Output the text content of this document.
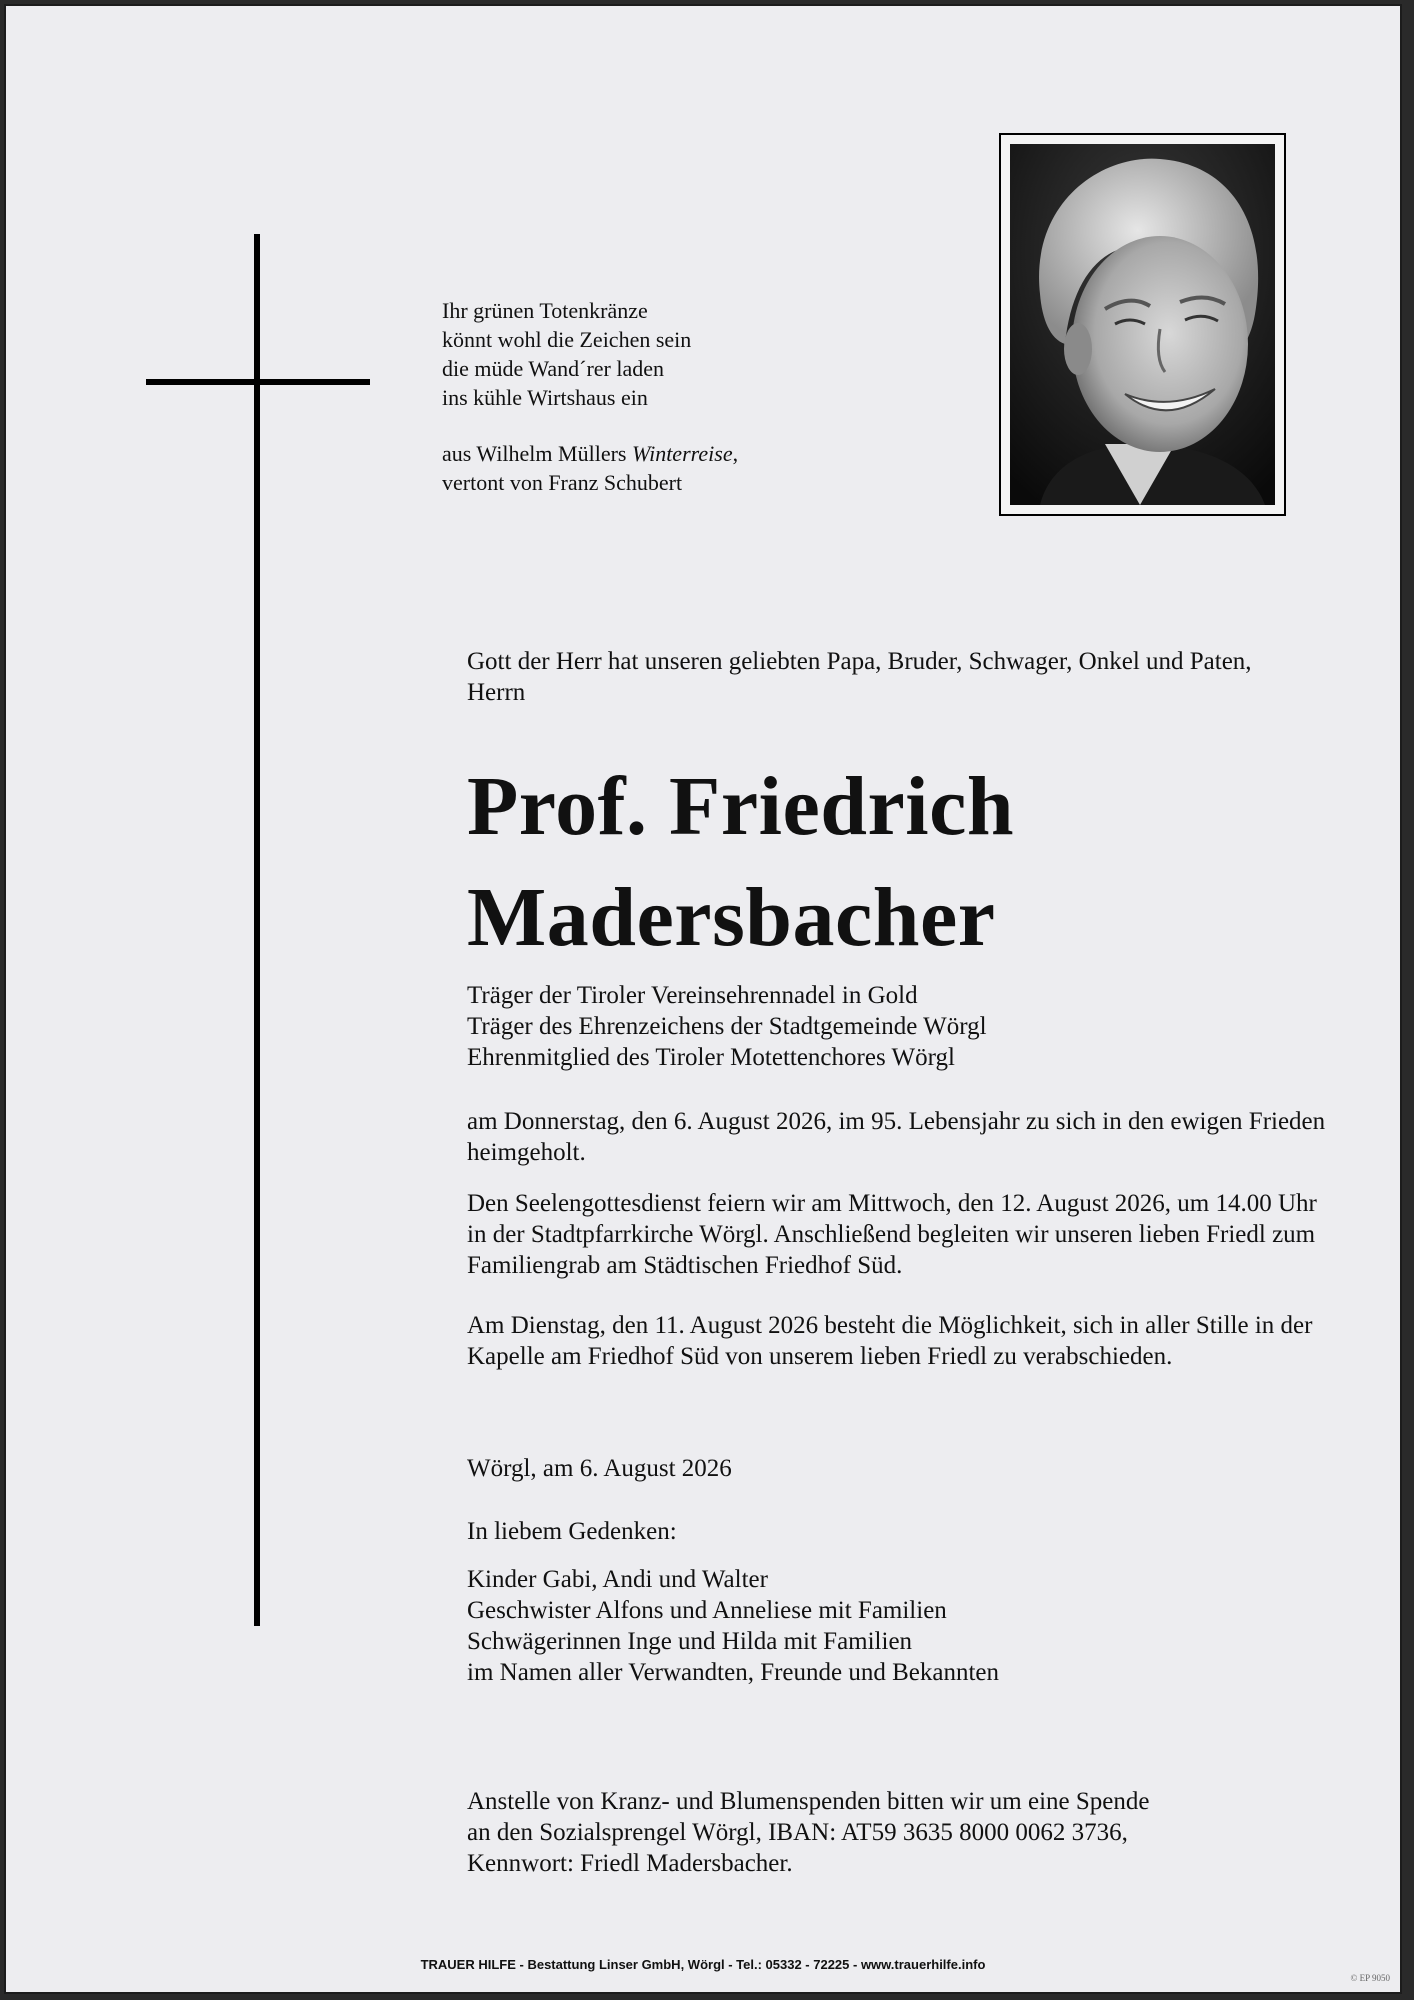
Ihr grünen Totenkränze
könnt wohl die Zeichen sein
die müde Wand´rer laden
ins kühle Wirtshaus ein
aus Wilhelm Müllers Winterreise,
vertont von Franz Schubert
Gott der Herr hat unseren geliebten Papa, Bruder, Schwager, Onkel und Paten, Herrn
Prof. Friedrich
Madersbacher
Träger der Tiroler Vereinsehrennadel in Gold
Träger des Ehrenzeichens der Stadtgemeinde Wörgl
Ehrenmitglied des Tiroler Motettenchores Wörgl
am Donnerstag, den 6. August 2026, im 95. Lebensjahr zu sich in den ewigen Frieden heimgeholt.
Den Seelengottesdienst feiern wir am Mittwoch, den 12. August 2026, um 14.00 Uhr in der Stadtpfarrkirche Wörgl. Anschließend begleiten wir unseren lieben Friedl zum Familiengrab am Städtischen Friedhof Süd.
Am Dienstag, den 11. August 2026 besteht die Möglichkeit, sich in aller Stille in der Kapelle am Friedhof Süd von unserem lieben Friedl zu verabschieden.
Wörgl, am 6. August 2026
In liebem Gedenken:
Kinder Gabi, Andi und Walter
Geschwister Alfons und Anneliese mit Familien
Schwägerinnen Inge und Hilda mit Familien
im Namen aller Verwandten, Freunde und Bekannten
Anstelle von Kranz- und Blumenspenden bitten wir um eine Spende
an den Sozialsprengel Wörgl, IBAN: AT59 3635 8000 0062 3736,
Kennwort: Friedl Madersbacher.
TRAUER HILFE - Bestattung Linser GmbH, Wörgl - Tel.: 05332 - 72225 - www.trauerhilfe.info
© EP 9050
